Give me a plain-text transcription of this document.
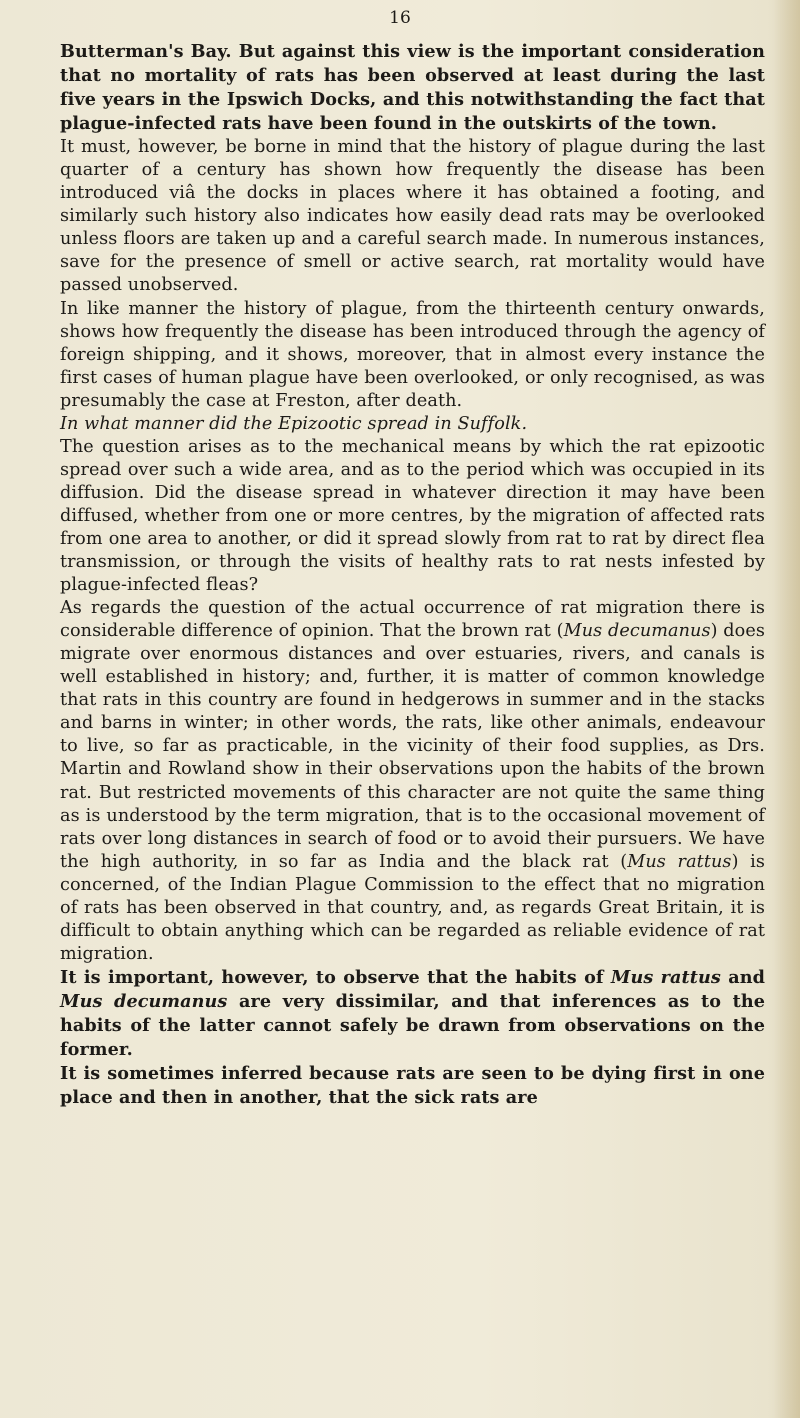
16

Butterman's Bay. But against this view is the important consideration that no mortality of rats has been observed at least during the last five years in the Ipswich Docks, and this notwithstanding the fact that plague-infected rats have been found in the outskirts of the town.

It must, however, be borne in mind that the history of plague during the last quarter of a century has shown how frequently the disease has been introduced viâ the docks in places where it has obtained a footing, and similarly such history also indicates how easily dead rats may be overlooked unless floors are taken up and a careful search made. In numerous instances, save for the presence of smell or active search, rat mortality would have passed unobserved.

In like manner the history of plague, from the thirteenth century onwards, shows how frequently the disease has been introduced through the agency of foreign shipping, and it shows, moreover, that in almost every instance the first cases of human plague have been overlooked, or only recognised, as was presumably the case at Freston, after death.

In what manner did the Epizootic spread in Suffolk.

The question arises as to the mechanical means by which the rat epizootic spread over such a wide area, and as to the period which was occupied in its diffusion. Did the disease spread in whatever direction it may have been diffused, whether from one or more centres, by the migration of affected rats from one area to another, or did it spread slowly from rat to rat by direct flea transmission, or through the visits of healthy rats to rat nests infested by plague-infected fleas?

As regards the question of the actual occurrence of rat migration there is considerable difference of opinion. That the brown rat (Mus decumanus) does migrate over enormous distances and over estuaries, rivers, and canals is well established in history; and, further, it is matter of common knowledge that rats in this country are found in hedgerows in summer and in the stacks and barns in winter; in other words, the rats, like other animals, endeavour to live, so far as practicable, in the vicinity of their food supplies, as Drs. Martin and Rowland show in their observations upon the habits of the brown rat. But restricted movements of this character are not quite the same thing as is understood by the term migration, that is to the occasional movement of rats over long distances in search of food or to avoid their pursuers. We have the high authority, in so far as India and the black rat (Mus rattus) is concerned, of the Indian Plague Commission to the effect that no migration of rats has been observed in that country, and, as regards Great Britain, it is difficult to obtain anything which can be regarded as reliable evidence of rat migration.

It is important, however, to observe that the habits of Mus rattus and Mus decumanus are very dissimilar, and that inferences as to the habits of the latter cannot safely be drawn from observations on the former.

It is sometimes inferred because rats are seen to be dying first in one place and then in another, that the sick rats are
